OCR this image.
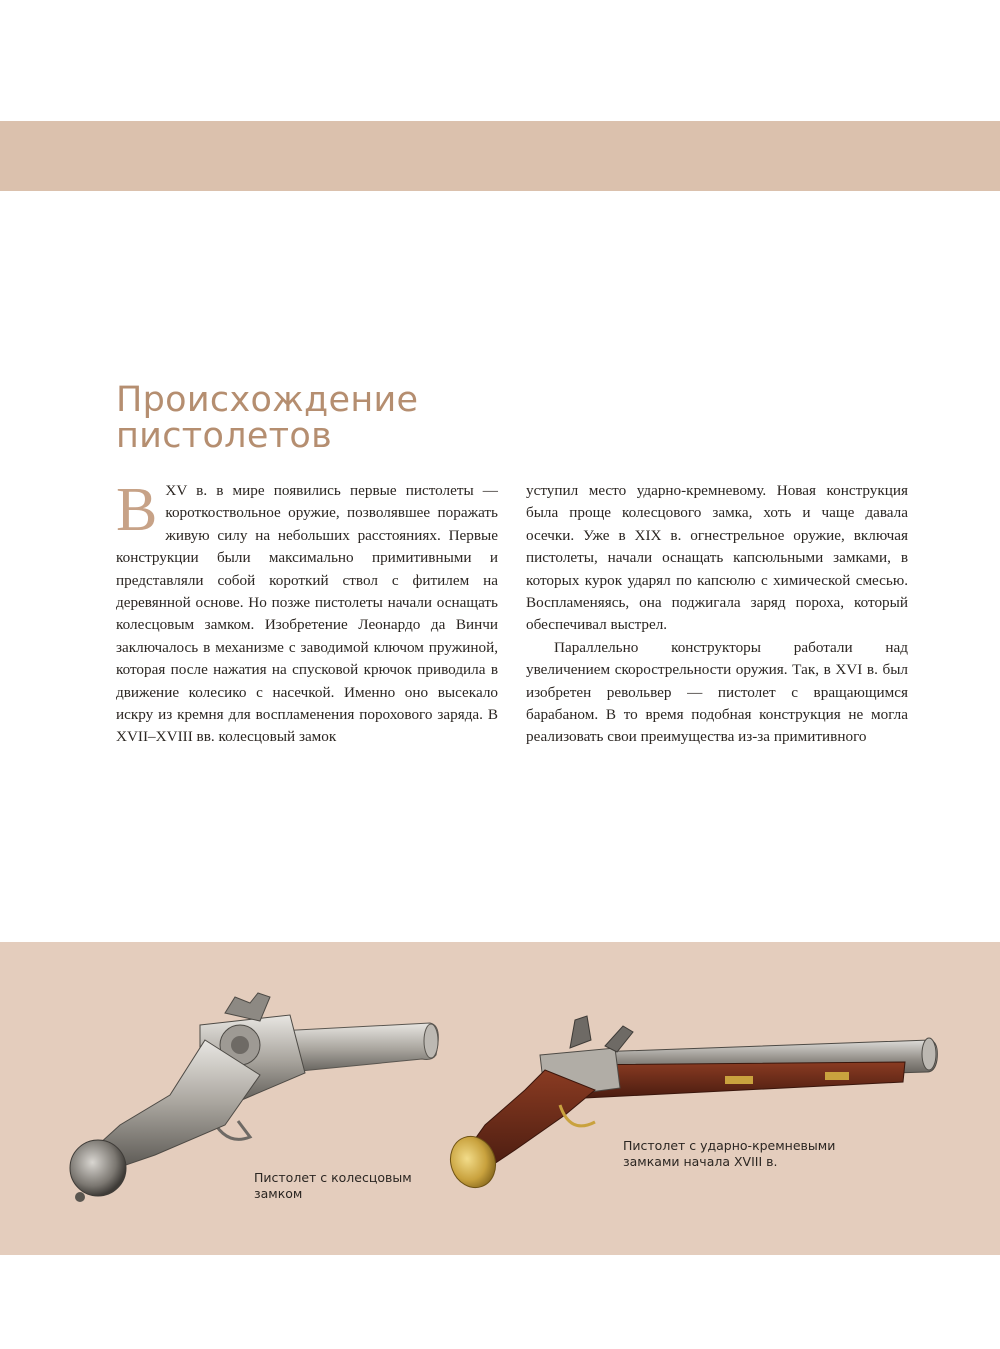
Происхождение
пистолетов

ВXV в. в мире появились первые пистолеты — короткоствольное оружие, позволявшее поражать живую силу на небольших расстояниях. Первые конструкции были максимально примитивными и представляли собой короткий ствол с фитилем на деревянной основе. Но позже пистолеты начали оснащать колесцовым замком. Изобретение Леонардо да Винчи заключалось в механизме с заводимой ключом пружиной, которая после нажатия на спусковой крючок приводила в движение колесико с насечкой. Именно оно высекало искру из кремня для воспламенения порохового заряда. В XVII–XVIII вв. колесцовый замок

уступил место ударно-кремневому. Новая конструкция была проще колесцового замка, хоть и чаще давала осечки. Уже в XIX в. огнестрельное оружие, включая пистолеты, начали оснащать капсюльными замками, в которых курок ударял по капсюлю с химической смесью. Воспламеняясь, она поджигала заряд пороха, который обеспечивал выстрел.

Параллельно конструкторы работали над увеличением скорострельности оружия. Так, в XVI в. был изобретен револьвер — пистолет с вращающимся барабаном. В то время подобная конструкция не могла реализовать свои преимущества из-за примитивного

Пистолет с колесцовым
замком

Пистолет с ударно-кремневыми
замками начала XVIII в.
